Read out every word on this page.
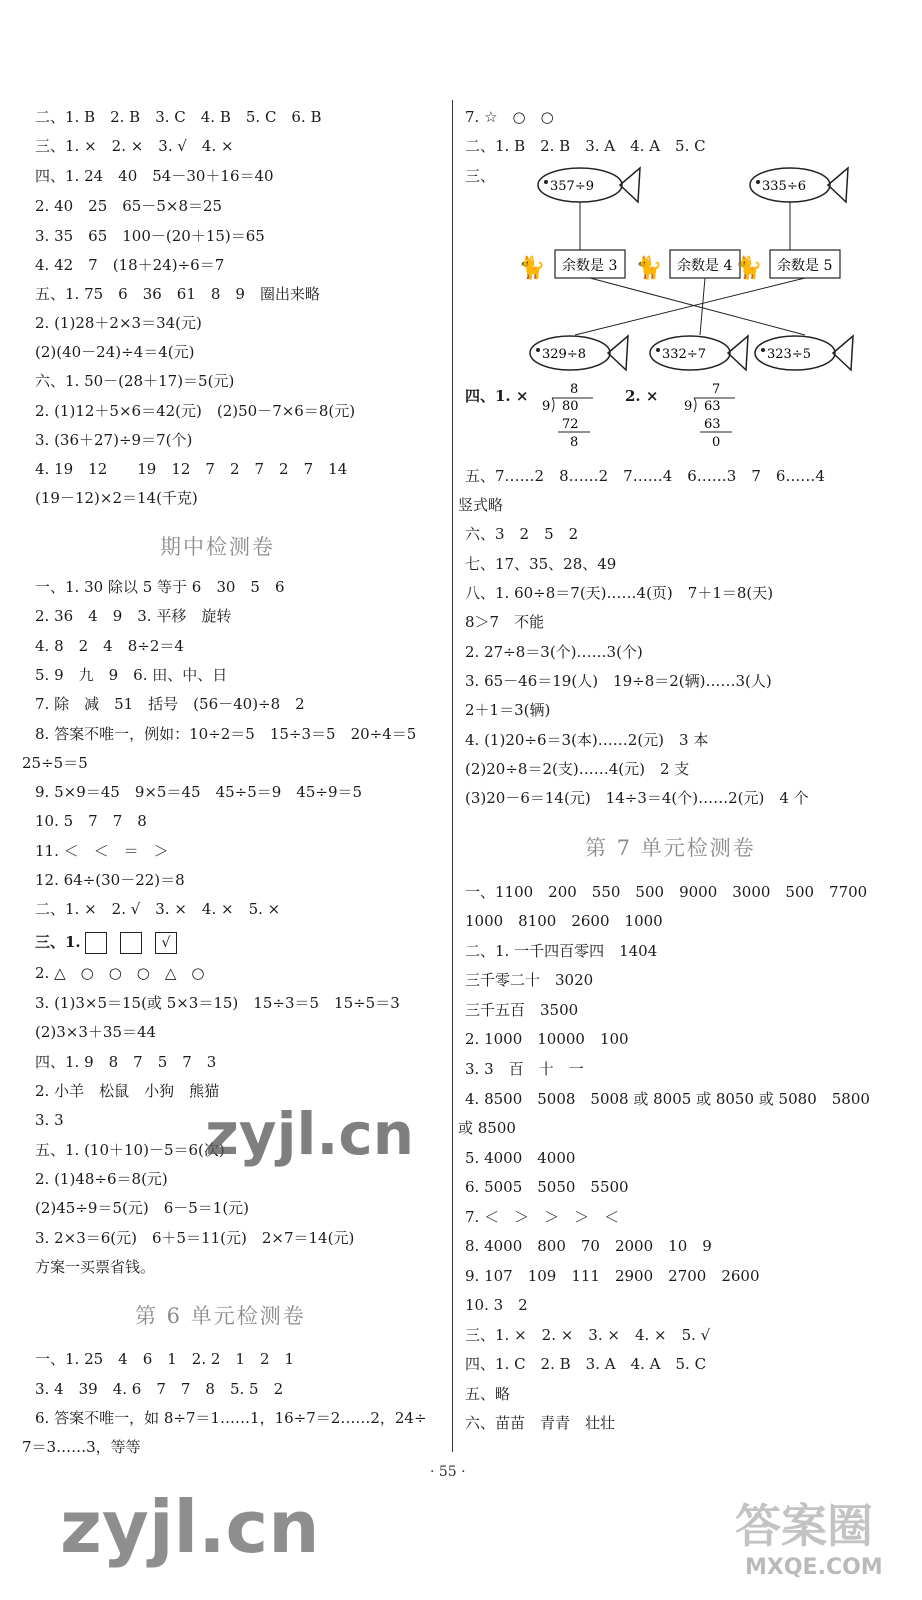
二、1. B　2. B　3. C　4. B　5. C　6. B
三、1. ×　2. ×　3. √　4. ×
四、1. 24　40　54－30＋16＝40
2. 40　25　65－5×8＝25
3. 35　65　100－(20＋15)＝65
4. 42　7　(18＋24)÷6＝7
五、1. 75　6　36　61　8　9　圈出来略
2. (1)28＋2×3＝34(元)
(2)(40－24)÷4＝4(元)
六、1. 50－(28＋17)＝5(元)
2. (1)12＋5×6＝42(元)　(2)50－7×6＝8(元)
3. (36＋27)÷9＝7(个)
4. 19　12　　19　12　7　2　7　2　7　14
(19－12)×2＝14(千克)
一、1. 30 除以 5 等于 6　30　5　6
2. 36　4　9　3. 平移　旋转
4. 8　2　4　8÷2＝4
5. 9　九　9　6. 田、中、日
7. 除　减　51　括号　(56－40)÷8　2
8. 答案不唯一，例如：10÷2＝5　15÷3＝5　20÷4＝5
25÷5＝5
9. 5×9＝45　9×5＝45　45÷5＝9　45÷9＝5
10. 5　7　7　8
11. ＜　＜　＝　＞
12. 64÷(30－22)＝8
二、1. ×　2. √　3. ×　4. ×　5. ×
2. △　○　○　○　△　○
3. (1)3×5＝15(或 5×3＝15)　15÷3＝5　15÷5＝3
(2)3×3＋35＝44
四、1. 9　8　7　5　7　3
2. 小羊　松鼠　小狗　熊猫
3. 3
五、1. (10＋10)－5＝6(次)
2. (1)48÷6＝8(元)
(2)45÷9＝5(元)　6－5＝1(元)
3. 2×3＝6(元)　6＋5＝11(元)　2×7＝14(元)
方案一买票省钱。
一、1. 25　4　6　1　2. 2　1　2　1
3. 4　39　4. 6　7　7　8　5. 5　2
6. 答案不唯一，如 8÷7＝1……1，16÷7＝2……2，24÷
7＝3……3，等等
7. ☆　○　○
二、1. B　2. B　3. A　4. A　5. C
三、
五、7……2　8……2　7……4　6……3　7　6……4
竖式略
六、3　2　5　2
七、17、35、28、49
八、1. 60÷8＝7(天)……4(页)　7＋1＝8(天)
8＞7　不能
2. 27÷8＝3(个)……3(个)
3. 65－46＝19(人)　19÷8＝2(辆)……3(人)
2＋1＝3(辆)
4. (1)20÷6＝3(本)……2(元)　3 本
(2)20÷8＝2(支)……4(元)　2 支
(3)20－6＝14(元)　14÷3＝4(个)……2(元)　4 个
一、1100　200　550　500　9000　3000　500　7700
1000　8100　2600　1000
二、1. 一千四百零四　1404
三千零二十　3020
三千五百　3500
2. 1000　10000　100
3. 3　百　十　一
4. 8500　5008　5008 或 8005 或 8050 或 5080　5800
或 8500
5. 4000　4000
6. 5005　5050　5500
7. ＜　＞　＞　＞　＜
8. 4000　800　70　2000　10　9
9. 107　109　111　2900　2700　2600
10. 3　2
三、1. ×　2. ×　3. ×　4. ×　5. √
四、1. C　2. B　3. A　4. A　5. C
五、略
六、苗苗　青青　壮壮
期中检测卷
第 6 单元检测卷
第 7 单元检测卷
三、1.	√
357÷9	335÷6
🐈 余数是 3 🐈 余数是 4 🐈 余数是 5
329÷8	332÷7	323÷5
四、1. ×	8
9 80
72
8
2. ×	7
9 63
63
0
· 55 ·
zyjl.cn
zyjl.cn	答案圈
MXQE.COM
